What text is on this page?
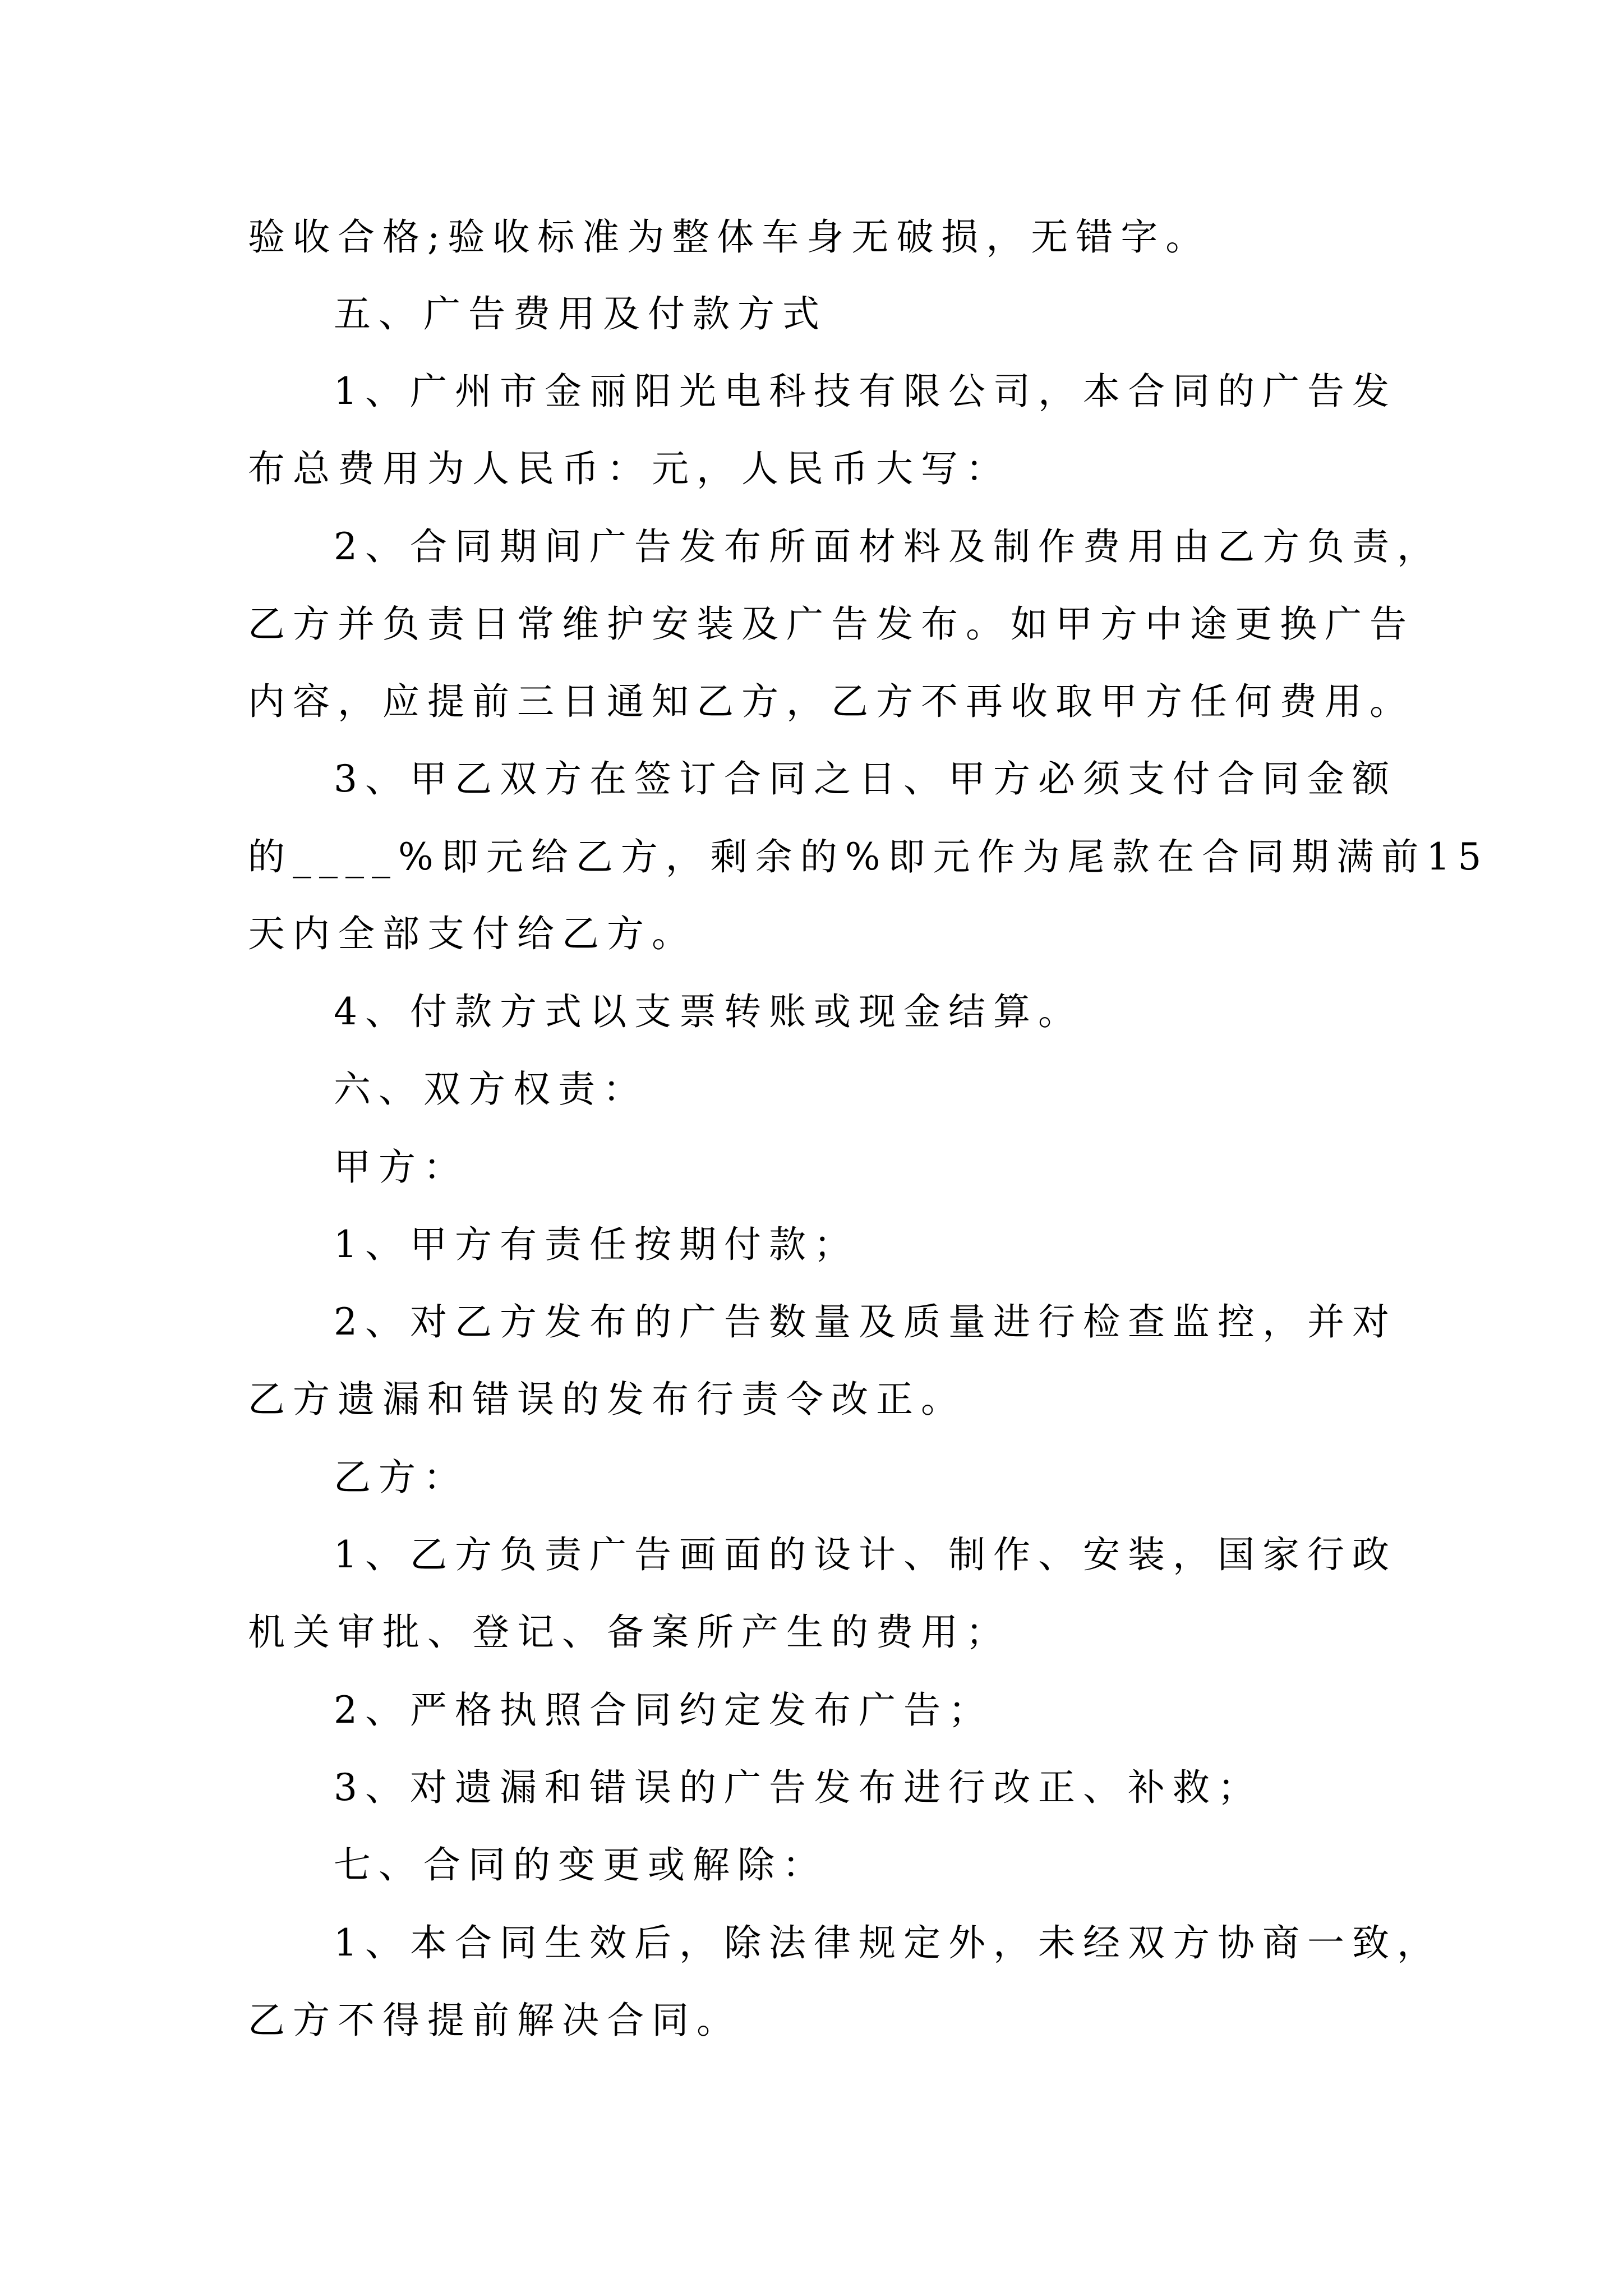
验收合格;验收标准为整体车身无破损，无错字。
五、广告费用及付款方式
1、广州市金丽阳光电科技有限公司，本合同的广告发
布总费用为人民币：元，人民币大写：
2、合同期间广告发布所面材料及制作费用由乙方负责，
乙方并负责日常维护安装及广告发布。如甲方中途更换广告
内容，应提前三日通知乙方，乙方不再收取甲方任何费用。
3、甲乙双方在签订合同之日、甲方必须支付合同金额
的____%即元给乙方，剩余的%即元作为尾款在合同期满前15
天内全部支付给乙方。
4、付款方式以支票转账或现金结算。
六、双方权责：
甲方：
1、甲方有责任按期付款；
2、对乙方发布的广告数量及质量进行检查监控，并对
乙方遗漏和错误的发布行责令改正。
乙方：
1、乙方负责广告画面的设计、制作、安装，国家行政
机关审批、登记、备案所产生的费用；
2、严格执照合同约定发布广告；
3、对遗漏和错误的广告发布进行改正、补救；
七、合同的变更或解除：
1、本合同生效后，除法律规定外，未经双方协商一致，
乙方不得提前解决合同。
